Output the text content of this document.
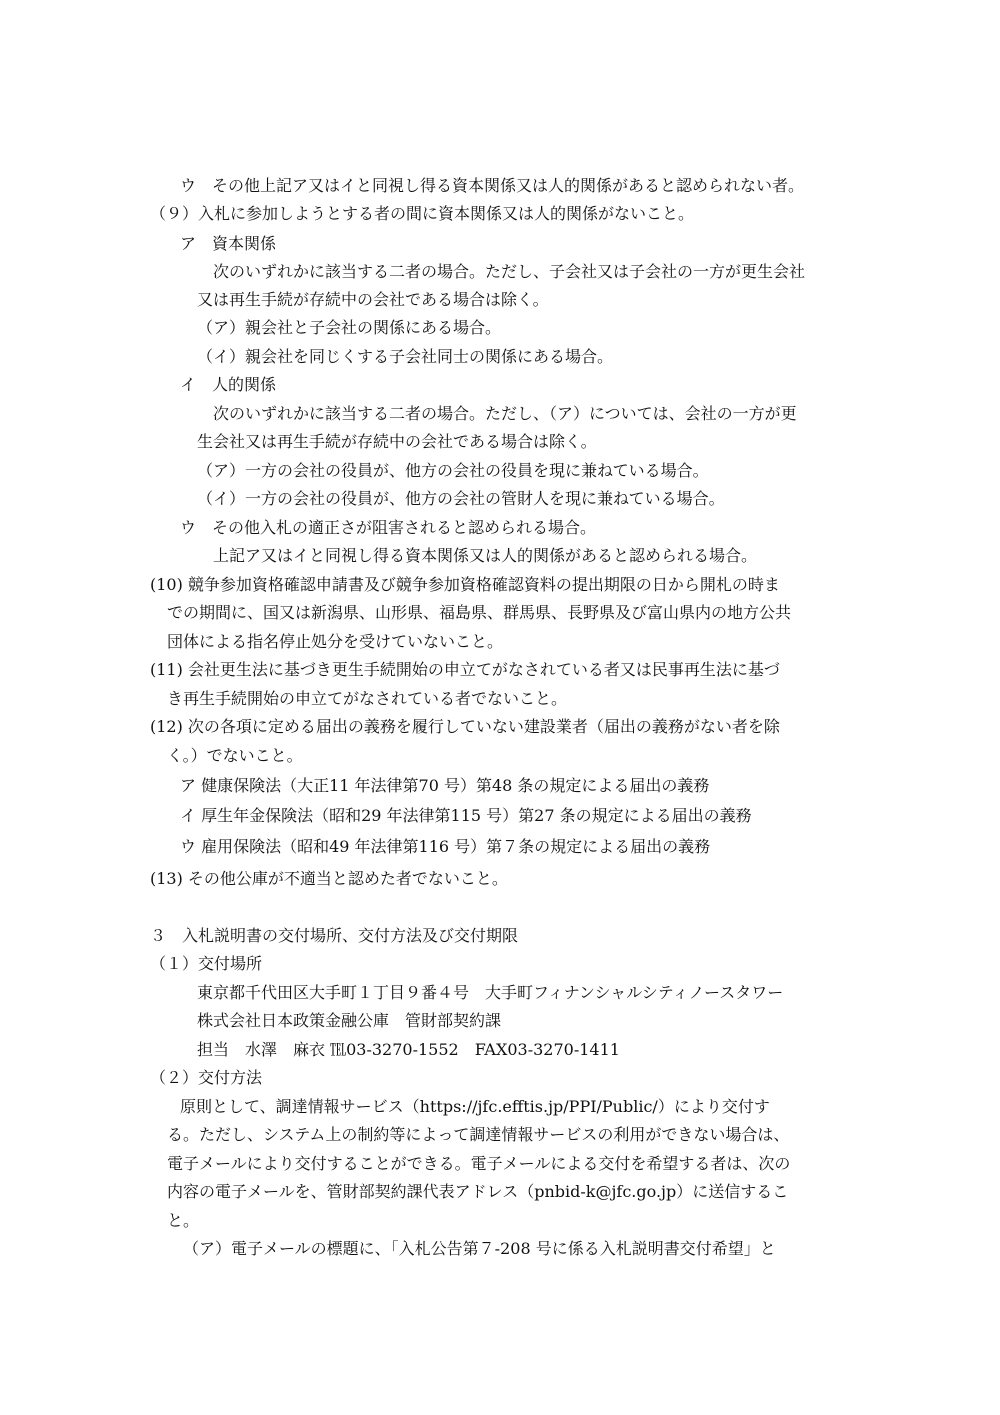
ウ　その他上記ア又はイと同視し得る資本関係又は人的関係があると認められない者。
（９）入札に参加しようとする者の間に資本関係又は人的関係がないこと。
ア　資本関係
次のいずれかに該当する二者の場合。ただし、子会社又は子会社の一方が更生会社
又は再生手続が存続中の会社である場合は除く。
（ア）親会社と子会社の関係にある場合。
（イ）親会社を同じくする子会社同士の関係にある場合。
イ　人的関係
次のいずれかに該当する二者の場合。ただし、（ア）については、会社の一方が更
生会社又は再生手続が存続中の会社である場合は除く。
（ア）一方の会社の役員が、他方の会社の役員を現に兼ねている場合。
（イ）一方の会社の役員が、他方の会社の管財人を現に兼ねている場合。
ウ　その他入札の適正さが阻害されると認められる場合。
上記ア又はイと同視し得る資本関係又は人的関係があると認められる場合。
(10) 競争参加資格確認申請書及び競争参加資格確認資料の提出期限の日から開札の時ま
での期間に、国又は新潟県、山形県、福島県、群馬県、長野県及び富山県内の地方公共
団体による指名停止処分を受けていないこと。
(11) 会社更生法に基づき更生手続開始の申立てがなされている者又は民事再生法に基づ
き再生手続開始の申立てがなされている者でないこと。
(12) 次の各項に定める届出の義務を履行していない建設業者（届出の義務がない者を除
く。）でないこと。
ア 健康保険法（大正11 年法律第70 号）第48 条の規定による届出の義務
イ 厚生年金保険法（昭和29 年法律第115 号）第27 条の規定による届出の義務
ウ 雇用保険法（昭和49 年法律第116 号）第７条の規定による届出の義務
(13) その他公庫が不適当と認めた者でないこと。
３　入札説明書の交付場所、交付方法及び交付期限
（１）交付場所
東京都千代田区大手町１丁目９番４号　大手町フィナンシャルシティノースタワー
株式会社日本政策金融公庫　管財部契約課
担当　水澤　麻衣 ℡03-3270-1552　FAX03-3270-1411
（２）交付方法
原則として、調達情報サービス（https://jfc.efftis.jp/PPI/Public/）により交付す
る。ただし、システム上の制約等によって調達情報サービスの利用ができない場合は、
電子メールにより交付することができる。電子メールによる交付を希望する者は、次の
内容の電子メールを、管財部契約課代表アドレス（pnbid-k@jfc.go.jp）に送信するこ
と。
（ア）電子メールの標題に、「入札公告第７-208 号に係る入札説明書交付希望」と
